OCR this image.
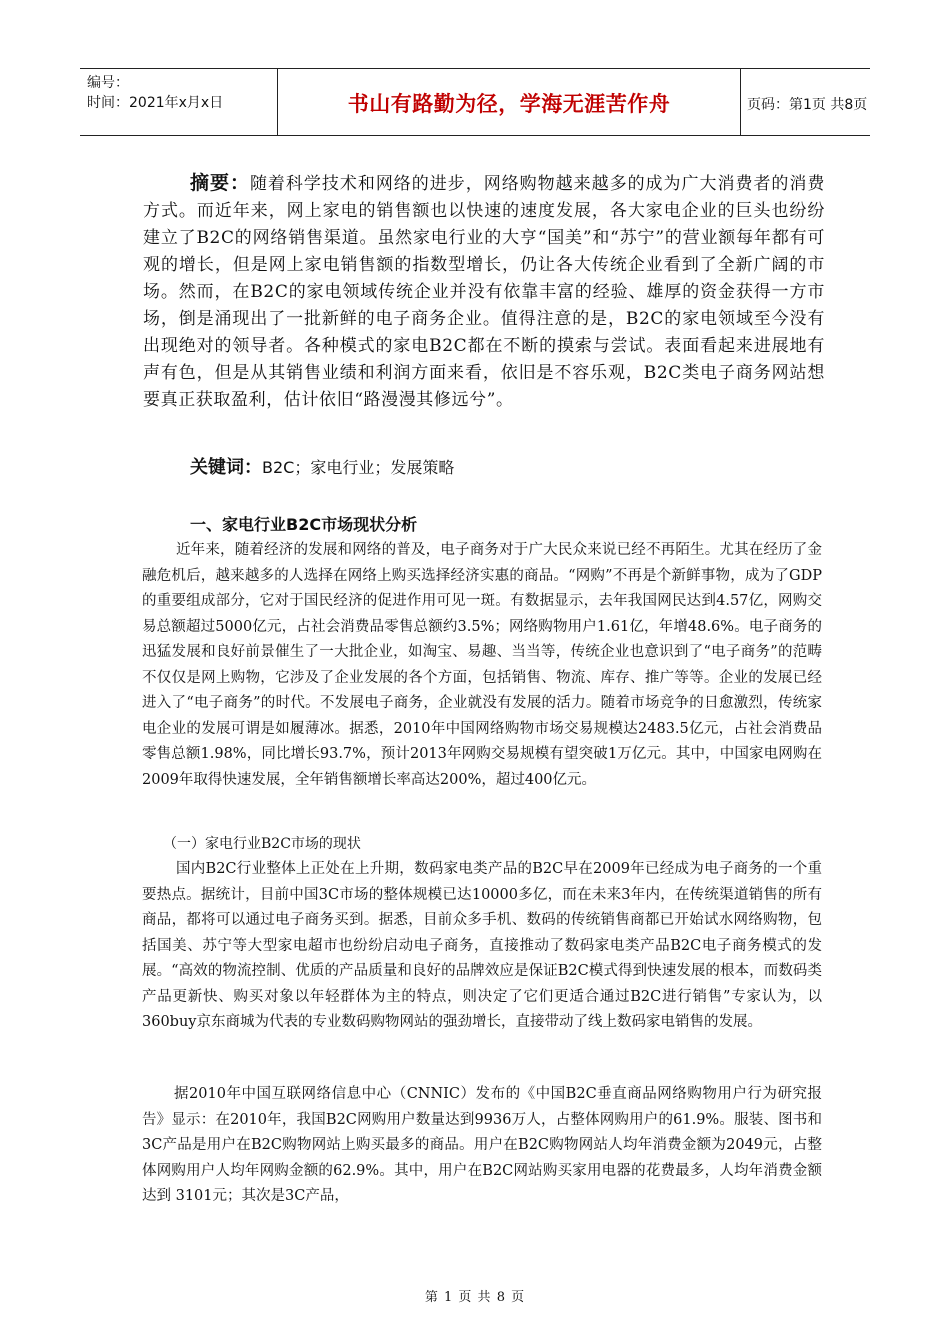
编号：
时间：2021年x月x日	书山有路勤为径，学海无涯苦作舟	页码：第1页 共8页
摘要：随着科学技术和网络的进步，网络购物越来越多的成为广大消费者的消费方式。而近年来，网上家电的销售额也以快速的速度发展，各大家电企业的巨头也纷纷建立了B2C的网络销售渠道。虽然家电行业的大亨“国美”和“苏宁”的营业额每年都有可观的增长，但是网上家电销售额的指数型增长，仍让各大传统企业看到了全新广阔的市场。然而，在B2C的家电领域传统企业并没有依靠丰富的经验、雄厚的资金获得一方市场，倒是涌现出了一批新鲜的电子商务企业。值得注意的是，B2C的家电领域至今没有出现绝对的领导者。各种模式的家电B2C都在不断的摸索与尝试。表面看起来进展地有声有色，但是从其销售业绩和利润方面来看，依旧是不容乐观，B2C类电子商务网站想要真正获取盈利，估计依旧“路漫漫其修远兮”。
关键词：B2C；家电行业；发展策略
一、家电行业B2C市场现状分析
近年来，随着经济的发展和网络的普及，电子商务对于广大民众来说已经不再陌生。尤其在经历了金融危机后，越来越多的人选择在网络上购买选择经济实惠的商品。“网购”不再是个新鲜事物，成为了GDP的重要组成部分，它对于国民经济的促进作用可见一斑。有数据显示，去年我国网民达到4.57亿，网购交易总额超过5000亿元，占社会消费品零售总额约3.5%；网络购物用户1.61亿，年增48.6%。电子商务的迅猛发展和良好前景催生了一大批企业，如淘宝、易趣、当当等，传统企业也意识到了“电子商务”的范畴不仅仅是网上购物，它涉及了企业发展的各个方面，包括销售、物流、库存、推广等等。企业的发展已经进入了“电子商务”的时代。不发展电子商务，企业就没有发展的活力。随着市场竞争的日愈激烈，传统家电企业的发展可谓是如履薄冰。据悉，2010年中国网络购物市场交易规模达2483.5亿元，占社会消费品零售总额1.98%，同比增长93.7%，预计2013年网购交易规模有望突破1万亿元。其中，中国家电网购在2009年取得快速发展，全年销售额增长率高达200%，超过400亿元。
（一）家电行业B2C市场的现状
国内B2C行业整体上正处在上升期，数码家电类产品的B2C早在2009年已经成为电子商务的一个重要热点。据统计，目前中国3C市场的整体规模已达10000多亿，而在未来3年内，在传统渠道销售的所有商品，都将可以通过电子商务买到。据悉，目前众多手机、数码的传统销售商都已开始试水网络购物，包括国美、苏宁等大型家电超市也纷纷启动电子商务，直接推动了数码家电类产品B2C电子商务模式的发展。“高效的物流控制、优质的产品质量和良好的品牌效应是保证B2C模式得到快速发展的根本，而数码类产品更新快、购买对象以年轻群体为主的特点，则决定了它们更适合通过B2C进行销售”专家认为，以360buy京东商城为代表的专业数码购物网站的强劲增长，直接带动了线上数码家电销售的发展。
据2010年中国互联网络信息中心（CNNIC）发布的《中国B2C垂直商品网络购物用户行为研究报告》显示：在2010年，我国B2C网购用户数量达到9936万人，占整体网购用户的61.9%。服装、图书和3C产品是用户在B2C购物网站上购买最多的商品。用户在B2C购物网站人均年消费金额为2049元，占整体网购用户人均年网购金额的62.9%。其中，用户在B2C网站购买家用电器的花费最多，人均年消费金额达到 3101元；其次是3C产品，
第 1 页 共 8 页
